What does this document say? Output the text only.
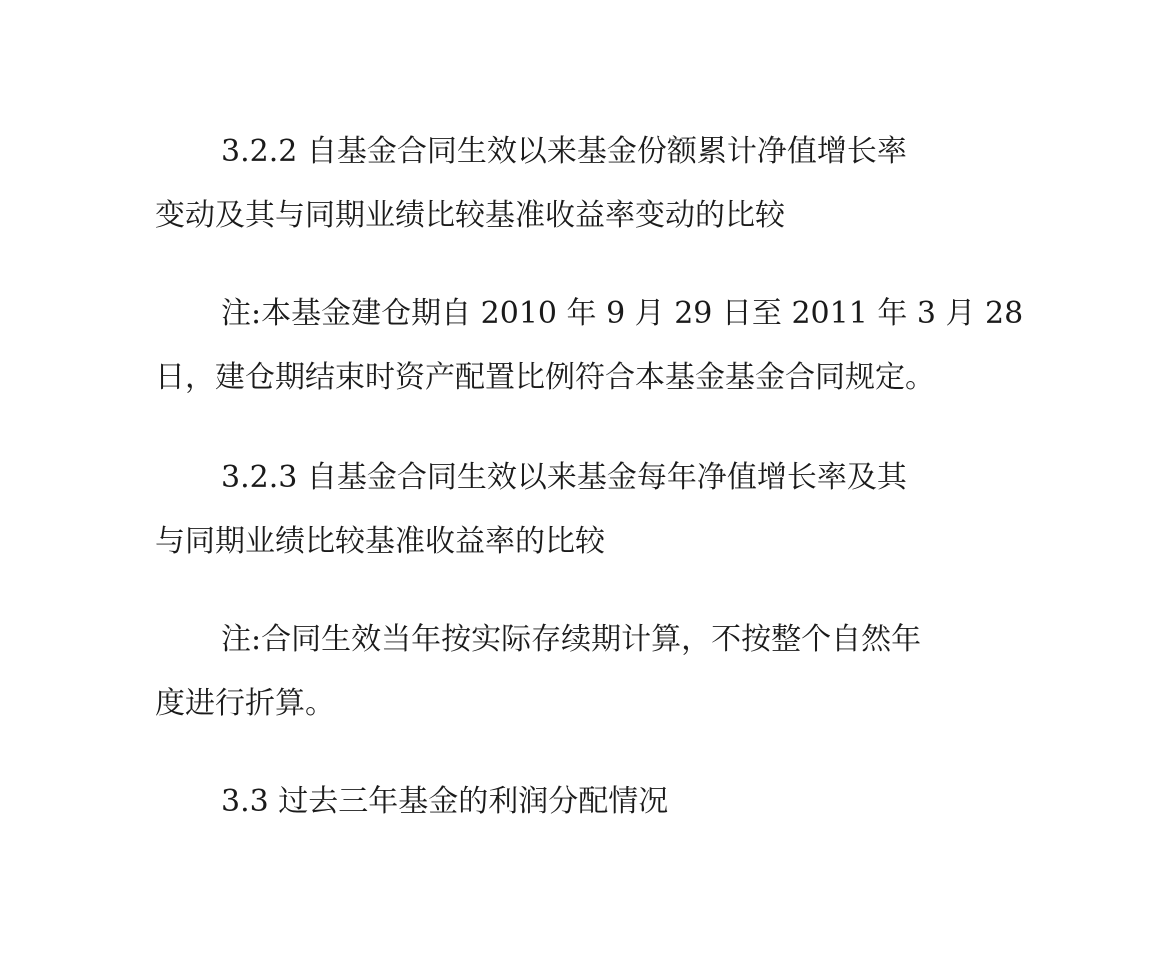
3.2.2 自基金合同生效以来基金份额累计净值增长率
变动及其与同期业绩比较基准收益率变动的比较

注:本基金建仓期自 2010 年 9 月 29 日至 2011 年 3 月 28
日，建仓期结束时资产配置比例符合本基金基金合同规定。

3.2.3 自基金合同生效以来基金每年净值增长率及其
与同期业绩比较基准收益率的比较

注:合同生效当年按实际存续期计算，不按整个自然年
度进行折算。

3.3 过去三年基金的利润分配情况
